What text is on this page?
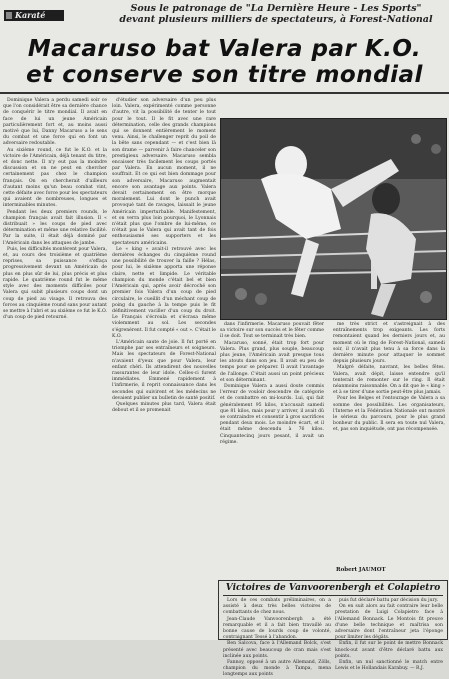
Karaté
Sous le patronage de "La Dernière Heure - Les Sports"
devant plusieurs milliers de spectateurs, à Forest-National
Macaruso bat Valera par K.O.
et conserve son titre mondial

Dominique Valera a perdu samedi soir ce que l'on considérait être sa dernière chance de conquérir le titre mondial. Il avait en face de lui un jeune Américain particulièrement fort et, au moins aussi motivé que lui, Danny Macaruso a le sens du combat et une force qui en font un adversaire redoutable.

Au sixième round, ce fut le K.O. et la victoire de l'Américain, déjà tenant du titre, et donc nette. Il n'y eut pas la moindre discussion et on ne peut en chercher certainement pas chez le champion français. On en chercherait d'ailleurs d'autant moins qu'un beau combat vint, cette défaite avec force pour les spectateurs qui avaient de nombreuses, longues et interminables minutes.

Pendant les deux premiers rounds, le champion français avait fait illusion. Il « distribuait » les coups de pied avec détermination et même une relative facilité. Par la suite, il était déjà dominé par l'Américain dans les attaques de jambe.

Puis, les difficultés montèrent pour Valera, et, au cours des troisième et quatrième reprises, sa puissance s'effaça progressivement devant un Américain de plus en plus sûr de lui, plus précis et plus rapide. Le quatrième round fut le même style avec des moments difficiles pour Valera qui subit plusieurs coups dont un coup de pied au visage. Il retrouva des forces au cinquième round sans pour autant se mettre à l'abri et au sixième ce fut le K.O. d'un coup de pied retourné.

d'étudier son adversaire d'un peu plus loin. Valera, expérimenté comme personne d'autre, vit la possibilité de tenter le tout pour le tout. Il le fit avec une rare détermination, celle des grands champions qui se donnent entièrement le moment venu. Ainsi, le challenger reprit du poil de la bête sans cependant — et c'est bien là son drame — parvenir à faire chanceler son prestigieux adversaire. Macaruso sembla encaisser très facilement les coups portés par Valera. En aucun moment, il ne souffrait. Et ce qui est bien dommage pour son adversaire, Macaruso augmentait encore son avantage aux points. Valera devait certainement en être morque moralement. Lui dont le punch avait provoqué tant de ravages, laissait le jeune Américain imperturbable. Manifestement, et on verra plus loin pourquoi, le Lyonnais n'était plus que l'ombre de lui-même, ce n'était pas le Valera qui avait tant de fois enthousiasmé ses supporters et les spectateurs américains.

Le « king » avait-il retrouvé avec les dernières échanges du cinquième round une possibilité de trouver la faille ? Hélas, pour lui, le sixième apporta une réponse claire, nette et limpide. Le véritable champion du monde c'était bel et bien l'Américain qui, après avoir décroché son premier fois Valera d'un coup de pied circulaire, le cueillit d'un méchant coup de poing du gauche à la tempe puis le fit définitivement vaciller d'un coup du droit. Le Français s'écroula et s'écrasa même violemment au sol. Les secondes s'égrenèrent. Il fut compté « out ». C'était le K.O.

L'Américain saute de joie. Il fut porté en triomphe par ses entraîneurs et soigneurs. Mais les spectateurs de Forest-National n'avaient d'yeux que pour Valera, leur enfant chéri. Ils attendirent des nouvelles rassurantes de leur idole. Celles-ci furent immédiates. Emmené rapidement à l'infirmerie, il reprit connaissance dans les secondes qui suivirent et les médecins ne devaient publier un bulletin de santé positif.

Quelques minutes plus tard, Valera était debout et il se promenait

dans l'infirmerie. Macaruso pouvait fêter sa victoire sur son succès et le fêter comme il se doit. Tout se terminait très bien.

Macaruso, sonné, était trop fort pour Valera. Plus grand, plus souple, beaucoup plus jeune, l'Américain avait presque tous les atouts dans son jeu. Il avait eu peu de temps pour se préparer. Il avait l'avantage de l'allonge. C'était aussi un point précieux et son déterminant.

Dominique Valera a aussi doute commis l'erreur de vouloir descendre de catégorie et de combattre en mi-lourds. Lui, qui fait généralement 95 kilos, n'accusait samedi que 81 kilos, mais pour y arriver, il avait dû se contraindre et consentir à gros sacrifices pendant deux mois. Le moindre écart, et il était même descendu à 76 kilos. Cinquantecinq jours pesant, il avait un régime.

me très strict et s'astreignait à des entraînements trop exigeants. Les forts remontaient quand les derniers jours et, au moment où le ring de Forest-National, samedi soir, il n'avait plus tenu à sa force dans la dernière minute pour attaquer le sommet depuis plusieurs jours.

Malgré défaite, navrant, les belles fêtes. Valera, avait dépit, laisse entendre qu'il tenterait de remonter sur le ring. Il était néanmoins raisonnable. On a dit que le « king » et à se tirer d'une sortie peut-être plus jamais.

Pour les Belges et l'entourage de Valera a sa somme des possibilités. Les organisateurs, l'Interne et la Fédération Nationale ont montré le sérieux du parcours, pour le plus grand bonheur du public. Il sera en toute nul Valera, et, pas son inquiétude, ont pas récompensée.

Robert JAUMOT
Victoires de Vanvoorenbergh et Colapietro

Lors de ces combats préliminaires, on a assisté à deux très belles victoires de combattants de chez nous.

Jean-Claude Vanvoorenbergh a été remarquable et il a fait bien travaillé au bonne cause de lourds coup de volonté, contraignant Tessé à l'abandon.

Ben Salcova, face à l'Allemand Bolck, s'est présenté avec beaucoup de cran mais s'est inclinée aux points.

Fannoy, opposé à un autre Allemand, Zölls, champion du monde à Tampa, mena longtemps aux points

puis fut déclaré battu par décision du jury.

On en suit alors au fait contraire leur belle prestation de Luigi Colapietro face à l'Allemand Bonnack. Le Montois fit preuve d'une belle technique et maîtrisa son adversaire dont l'entraîneur jeta l'éponge pour limiter les dégâts.

Enfin, il fut sur le point de mettre Bonnack knock-out avant d'être déclaré battu aux points.

Enfin, un nul sanctionné le match entre Lewis et le Hollandais Karabuy. — R.J.
